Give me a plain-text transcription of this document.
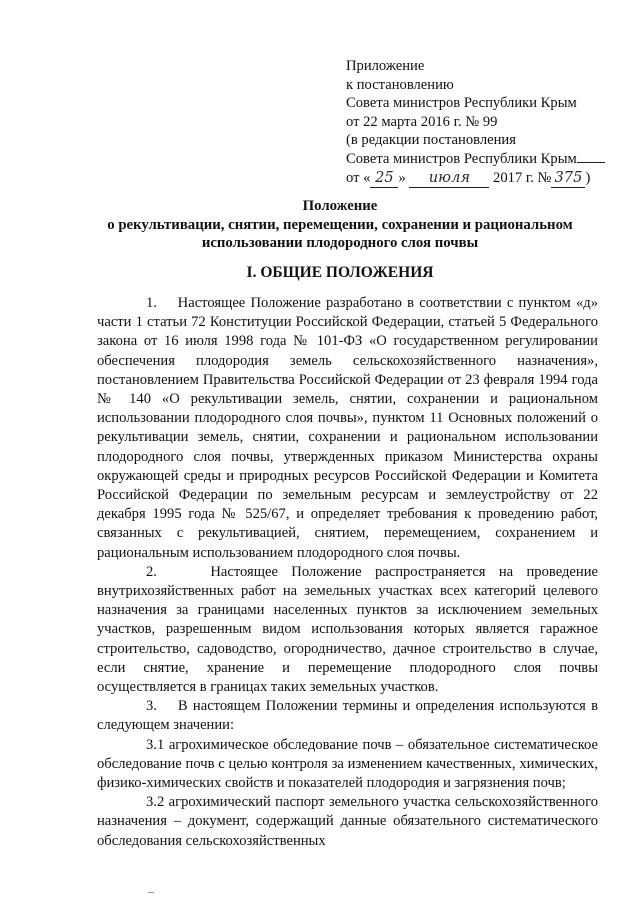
Приложение
к постановлению
Совета министров Республики Крым
от 22 марта 2016 г. № 99
(в редакции постановления
Совета министров Республики Крым
от « 25 » июля 2017 г. № 375 )
Положение
о рекультивации, снятии, перемещении, сохранении и рациональном
использовании плодородного слоя почвы
I. ОБЩИЕ ПОЛОЖЕНИЯ

1.    Настоящее Положение разработано в соответствии с пунктом «д» части 1 статьи 72 Конституции Российской Федерации, статьей 5 Федерального закона от 16 июля 1998 года № 101-ФЗ «О государственном регулировании обеспечения плодородия земель сельскохозяйственного назначения», постановлением Правительства Российской Федерации от 23 февраля 1994 года № 140 «О рекультивации земель, снятии, сохранении и рациональном использовании плодородного слоя почвы», пунктом 11 Основных положений о рекультивации земель, снятии, сохранении и рациональном использовании плодородного слоя почвы, утвержденных приказом Министерства охраны окружающей среды и природных ресурсов Российской Федерации и Комитета Российской Федерации по земельным ресурсам и землеустройству от 22 декабря 1995 года № 525/67, и определяет требования к проведению работ, связанных с рекультивацией, снятием, перемещением, сохранением и рациональным использованием плодородного слоя почвы.

2.    Настоящее Положение распространяется на проведение внутрихозяйственных работ на земельных участках всех категорий целевого назначения за границами населенных пунктов за исключением земельных участков, разрешенным видом использования которых является гаражное строительство, садоводство, огородничество, дачное строительство в случае, если снятие, хранение и перемещение плодородного слоя почвы осуществляется в границах таких земельных участков.

3.    В настоящем Положении термины и определения используются в следующем значении:

3.1 агрохимическое обследование почв – обязательное систематическое обследование почв с целью контроля за изменением качественных, химических, физико-химических свойств и показателей плодородия и загрязнения почв;

3.2 агрохимический паспорт земельного участка сельскохозяйственного назначения – документ, содержащий данные обязательного систематического обследования сельскохозяйственных
